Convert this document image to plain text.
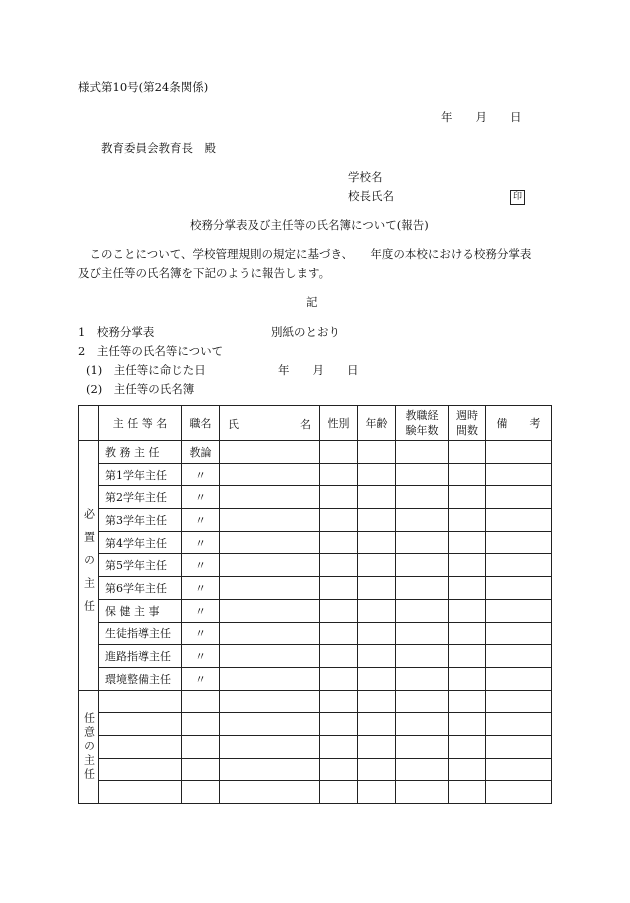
様式第10号(第24条関係)
年　　月　　日
教育委員会教育長　殿
学校名
校長氏名	印
校務分掌表及び主任等の氏名簿について(報告)
　このことについて、学校管理規則の規定に基づき、　　年度の本校における校務分掌表
及び主任等の氏名簿を下記のように報告します。
記
1　校務分掌表	別紙のとおり
2　主任等の氏名等について
(1)　主任等に命じた日	年　　月　　日
(2)　主任等の氏名簿
	主 任 等 名	職名	氏 名	性別	年齢	教職経験年数	週時間数	備　　考

必置の主任	教 務 主 任	教論						
	第1学年主任	〃						
	第2学年主任	〃						
	第3学年主任	〃						
	第4学年主任	〃						
	第5学年主任	〃						
	第6学年主任	〃						
	保 健 主 事	〃						
	生徒指導主任	〃						
	進路指導主任	〃						
	環境整備主任	〃						

任意の主任								
